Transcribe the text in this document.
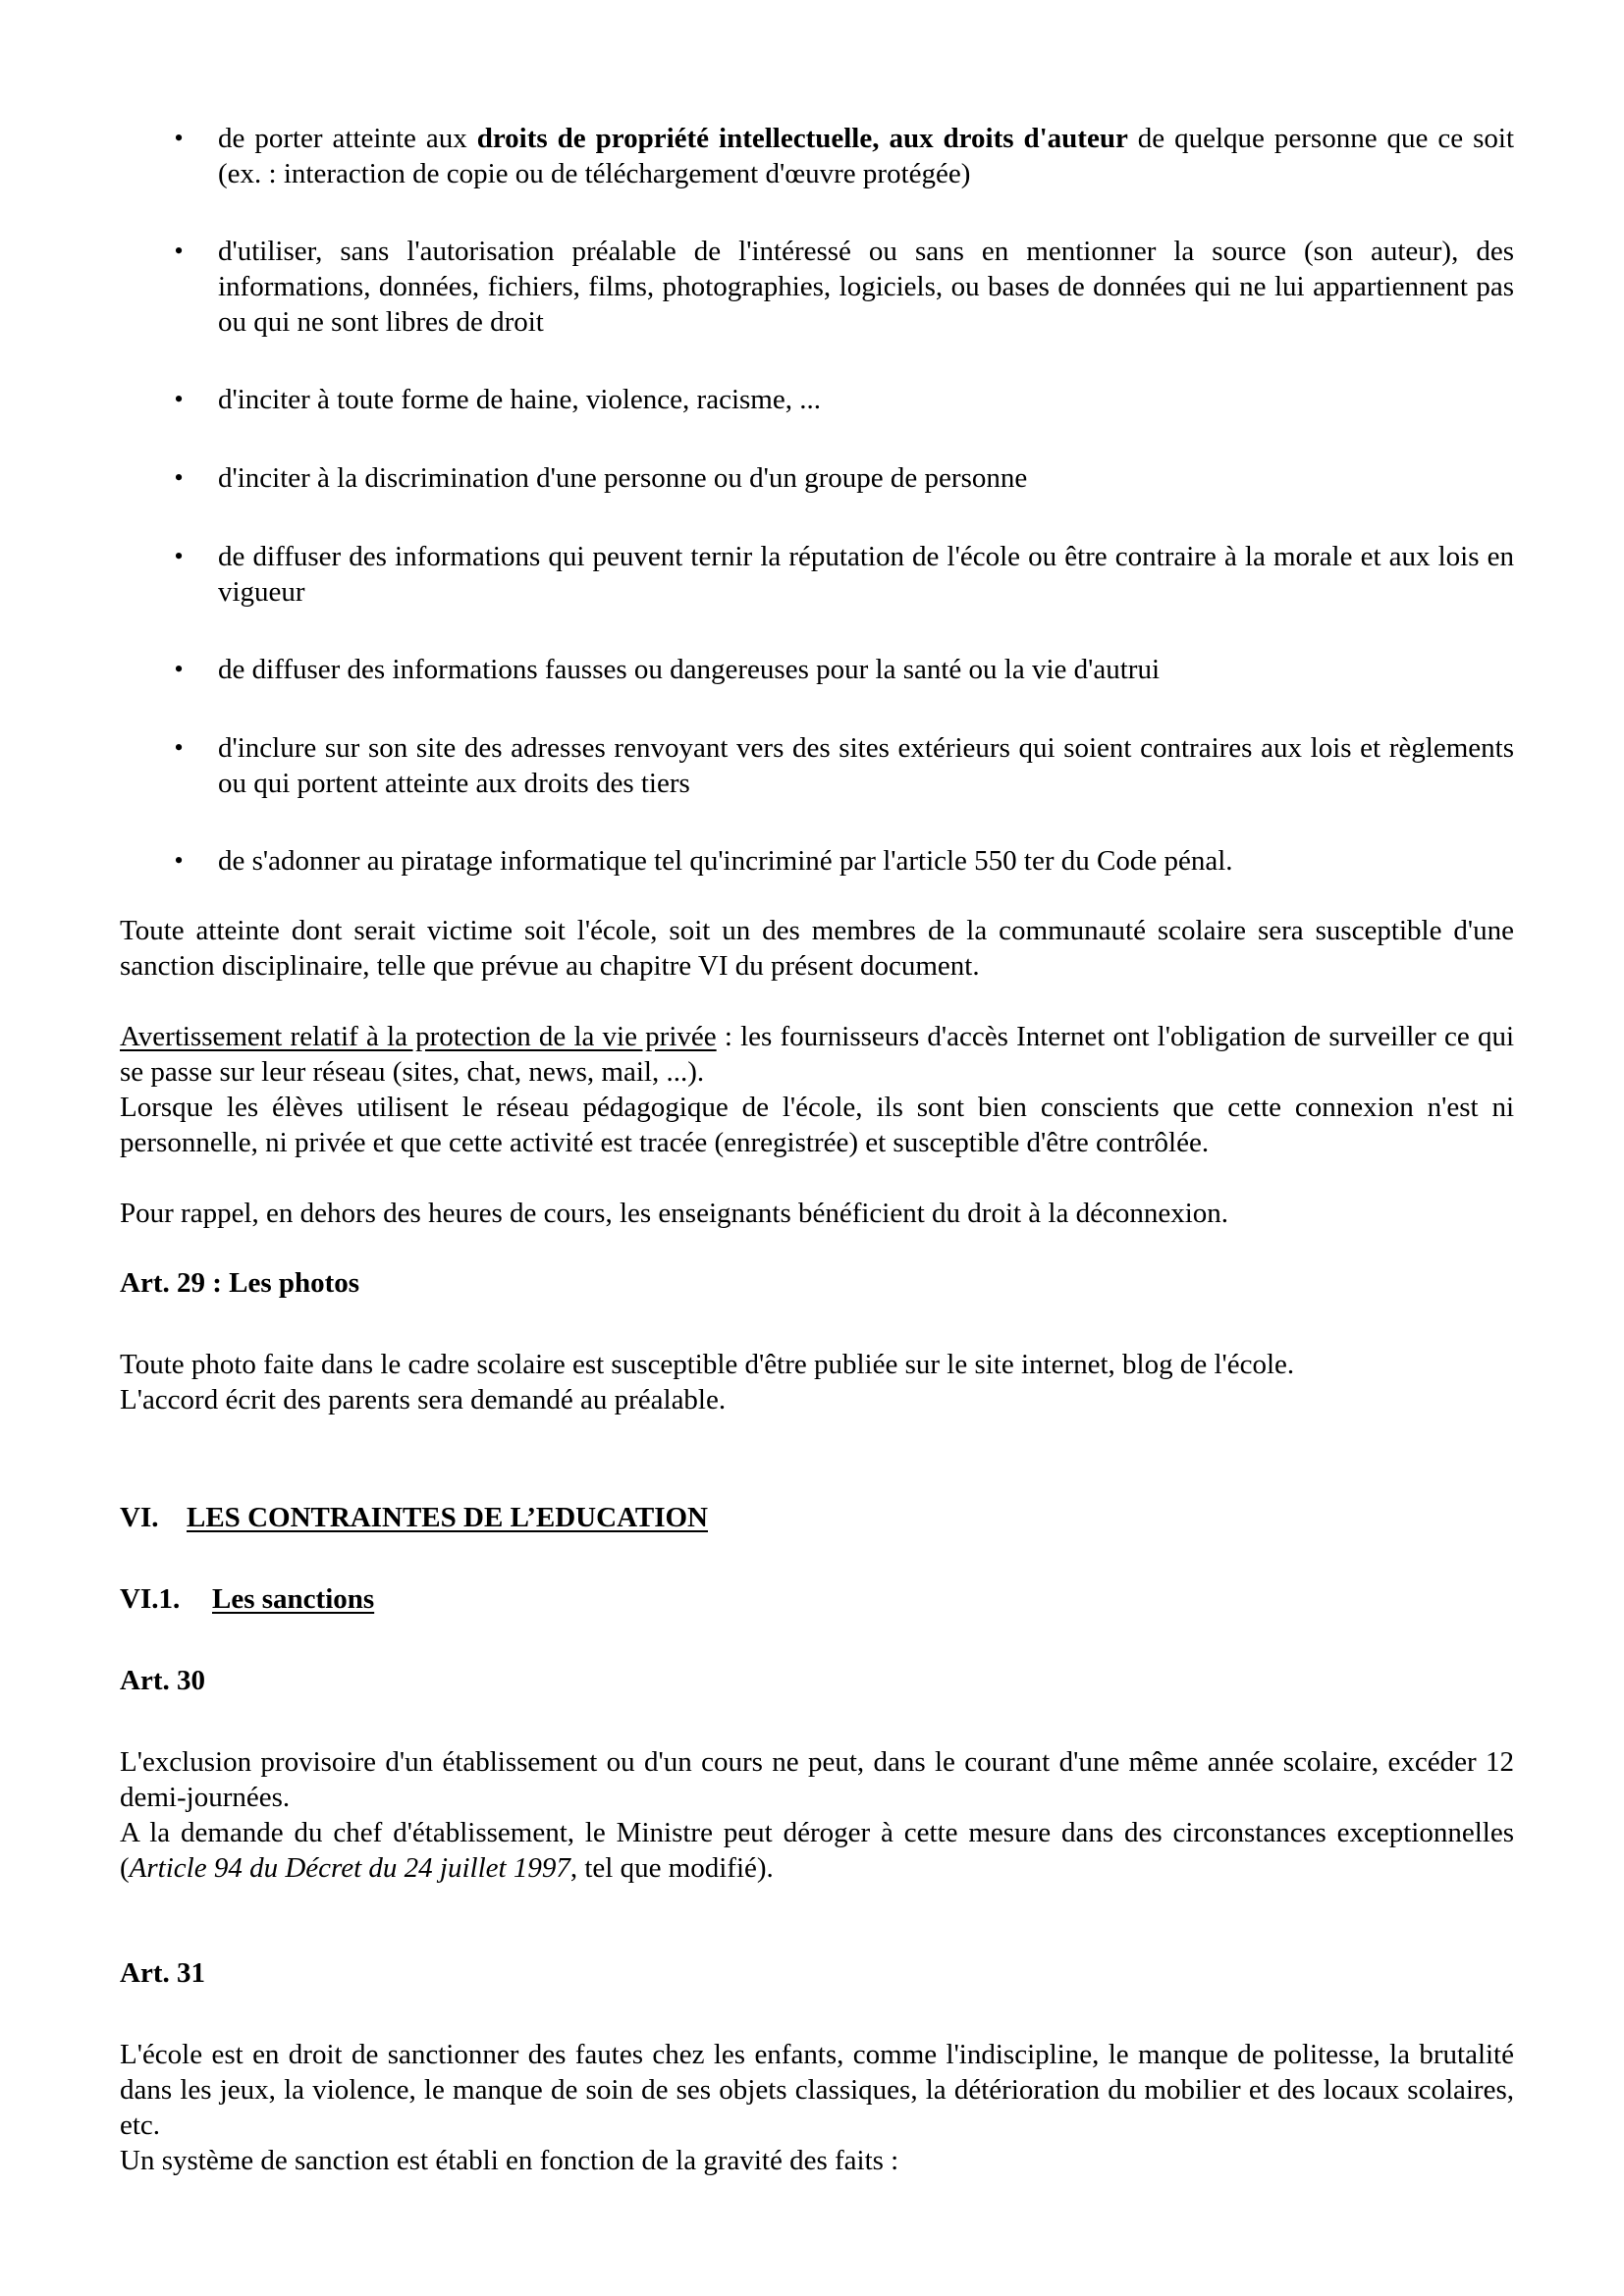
• de porter atteinte aux droits de propriété intellectuelle, aux droits d'auteur de quelque personne que ce soit (ex. : interaction de copie ou de téléchargement d'œuvre protégée)
• d'utiliser, sans l'autorisation préalable de l'intéressé ou sans en mentionner la source (son auteur), des informations, données, fichiers, films, photographies, logiciels, ou bases de données qui ne lui appartiennent pas ou qui ne sont libres de droit
• d'inciter à toute forme de haine, violence, racisme, ...
• d'inciter à la discrimination d'une personne ou d'un groupe de personne
• de diffuser des informations qui peuvent ternir la réputation de l'école ou être contraire à la morale et aux lois en vigueur
• de diffuser des informations fausses ou dangereuses pour la santé ou la vie d'autrui
• d'inclure sur son site des adresses renvoyant vers des sites extérieurs qui soient contraires aux lois et règlements ou qui portent atteinte aux droits des tiers
• de s'adonner au piratage informatique tel qu'incriminé par l'article 550 ter du Code pénal.

Toute atteinte dont serait victime soit l'école, soit un des membres de la communauté scolaire sera susceptible d'une sanction disciplinaire, telle que prévue au chapitre VI du présent document.

Avertissement relatif à la protection de la vie privée : les fournisseurs d'accès Internet ont l'obligation de surveiller ce qui se passe sur leur réseau (sites, chat, news, mail, ...).

Lorsque les élèves utilisent le réseau pédagogique de l'école, ils sont bien conscients que cette connexion n'est ni personnelle, ni privée et que cette activité est tracée (enregistrée) et susceptible d'être contrôlée.

Pour rappel, en dehors des heures de cours, les enseignants bénéficient du droit à la déconnexion.

Art. 29 : Les photos

Toute photo faite dans le cadre scolaire est susceptible d'être publiée sur le site internet, blog de l'école.

L'accord écrit des parents sera demandé au préalable.

VI. LES CONTRAINTES DE L’EDUCATION

VI.1. Les sanctions

Art. 30

L'exclusion provisoire d'un établissement ou d'un cours ne peut, dans le courant d'une même année scolaire, excéder 12 demi-journées.

A la demande du chef d'établissement, le Ministre peut déroger à cette mesure dans des circonstances exceptionnelles (Article 94 du Décret du 24 juillet 1997, tel que modifié).

Art. 31

L'école est en droit de sanctionner des fautes chez les enfants, comme l'indiscipline, le manque de politesse, la brutalité dans les jeux, la violence, le manque de soin de ses objets classiques, la détérioration du mobilier et des locaux scolaires, etc.

Un système de sanction est établi en fonction de la gravité des faits :
